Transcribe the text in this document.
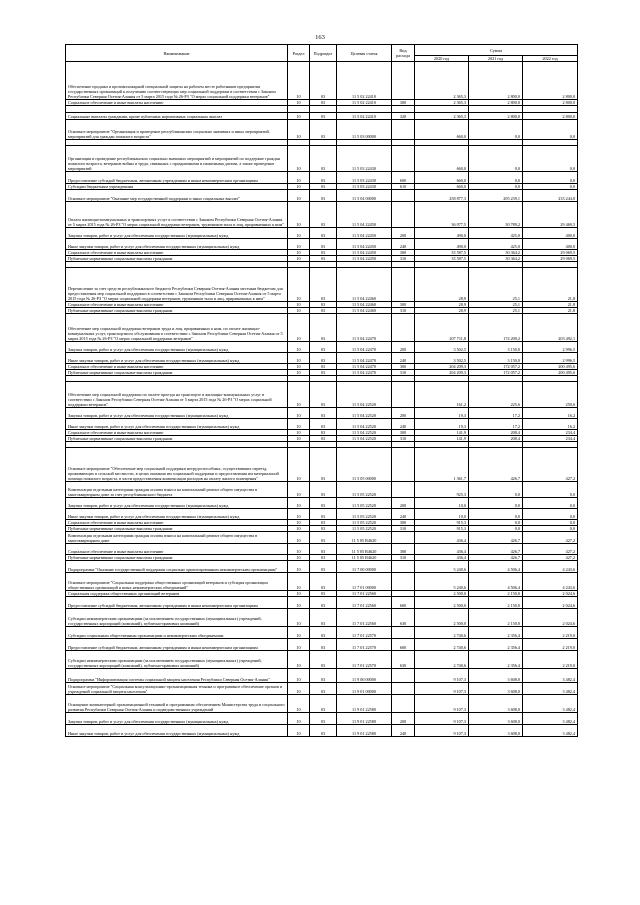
163
Наименование	Раздел	Подраздел	Целевая статья	Вид расхода	Сумма		
					2020 год	2021 год	2022 год
Обеспечение продажи и противопожарной специальной защиты на рабочем месте работников предприятия государственных организаций к получению соответствующих мер социальной поддержки в соответствии с Законом Республики Северная Осетия-Алания от 5 марта 2015 года № 26-РЗ "О мерах социальной поддержки ветеранов"	10	03	11 5 02 22410		2 365,3	2 800,0	2 800,0
Социальное обеспечение и иные выплаты населению	10	03	11 5 02 22410	300	2 365,3	2 800,0	2 800,0

Социальные выплаты гражданам, кроме публичных нормативных социальных выплат	10	03	11 5 02 22410	320	2 365,3	2 800,0	2 800,0
Основное мероприятие "Организация и проведение республиканских социально значимых и иных мероприятий, мероприятий для граждан пожилого возраста"	10	03	11 5 03 00000		660,0	0,0	0,0

Организация и проведение республиканских социально значимых мероприятий и мероприятий по поддержке граждан пожилого возраста, ветеранов войны и труда, связанных с праздничными и памятными датами, а также проведение мероприятий	10	03	11 5 03 22430		660,0	0,0	0,0
Предоставление субсидий бюджетным, автономным учреждениям и иным некоммерческим организациям	10	03	11 5 03 22430	600	660,0	0,0	0,0
Субсидии бюджетным учреждениям	10	03	11 5 03 22430	610	660,0	0,0	0,0
Основное мероприятие "Оказание мер государственной поддержки и иных социальных выплат"	10	03	11 5 04 00000		258 877,3	205 239,1	233 244,0
Оплата жилищно-коммунальных и транспортных услуг в соответствии с Законом Республики Северная Осетия-Алания от 5 марта 2015 года № 26-РЗ "О мерах социальной поддержки ветеранов, тружеников тыла и лиц, приравненных к ним"	10	03	11 5 04 22450		36 077,5	30 789,2	29 469,5
Закупка товаров, работ и услуг для обеспечения государственных (муниципальных) нужд	10	03	11 5 04 22450	200	490,0	425,0	400,0
Иные закупки товаров, работ и услуг для обеспечения государственных (муниципальных) нужд	10	03	11 5 04 22450	240	490,0	425,0	400,0
Социальное обеспечение и иные выплаты населению	10	03	11 5 04 22450	300	35 587,5	30 364,2	29 069,5
Публичные нормативные социальные выплаты гражданам	10	03	11 5 04 22450	310	35 587,5	30 364,2	29 069,5

Перечисление за счет средств республиканского бюджета Республики Северная Осетия-Алания местным бюджетам для предоставления мер социальной поддержки в соответствии с Законом Республики Северная Осетия-Алания от 5 марта 2015 года № 26-РЗ "О мерах социальной поддержки ветеранов, тружеников тыла и лиц, приравненных к ним"	10	03	11 5 04 22460		28,9	25,1	21,8
Социальное обеспечение и иные выплаты населению	10	03	11 5 04 22460	300	28,9	25,1	21,8
Публичные нормативные социальные выплаты гражданам	10	03	11 5 04 22460	310	28,9	25,1	21,8
Обеспечение мер социальной поддержки ветеранов труда и лиц, приравненных к ним, по оплате жилищно-коммунальных услуг, транспортного обслуживания в соответствии с Законом Республики Северная Осетия-Алания от 5 марта 2015 года № 26-РЗ "О мерах социальной поддержки ветеранов"	10	03	11 5 04 22470		207 711,8	174 209,2	203 492,1
Закупка товаров, работ и услуг для обеспечения государственных (муниципальных) нужд	10	03	11 5 04 22470	200	3 502,5	3 150,0	2 996,5
Иные закупки товаров, работ и услуг для обеспечения государственных (муниципальных) нужд	10	03	11 5 04 22470	240	3 502,5	3 150,0	2 996,5
Социальное обеспечение и иные выплаты населению	10	03	11 5 04 22470	300	204 209,3	172 057,2	200 495,6
Публичные нормативные социальные выплаты гражданам	10	03	11 5 04 22470	310	204 209,3	172 057,2	200 495,6

Обеспечение мер социальной поддержки по оплате проезда на транспорте и жилищно-коммунальных услуг в соответствии с Законом Республики Северная Осетия-Алания от 5 марта 2015 года № 26-РЗ "О мерах социальной поддержки ветеранов"	10	03	11 5 04 22520		161,2	225,6	250,6
Закупка товаров, работ и услуг для обеспечения государственных (муниципальных) нужд	10	03	11 5 04 22520	200	19,3	17,2	16,2
Иные закупки товаров, работ и услуг для обеспечения государственных (муниципальных) нужд	10	03	11 5 04 22520	240	19,3	17,2	16,2
Социальное обеспечение и иные выплаты населению	10	03	11 5 04 22520	300	141,9	208,4	234,4
Публичные нормативные социальные выплаты гражданам	10	03	11 5 04 22520	310	141,9	208,4	234,4

Основное мероприятие "Обеспечение мер социальной поддержки нетрудоспособных, осуществивших переезд, проживающих в сельской местности, в целях оказания им социальной поддержки и предоставления им материальной помощи пожилого возраста, в части предоставления компенсации расходов на оплату жилого помещения"	10	03	11 5 05 00000		1 361,7	426,7	427,2
Компенсация отдельным категориям граждан оплаты взноса на капитальный ремонт общего имущества в многоквартирном доме за счет республиканского бюджета	10	03	11 5 05 22520		925,3	0,0	0,0
Закупка товаров, работ и услуг для обеспечения государственных (муниципальных) нужд	10	03	11 5 05 22520	200	10,0	0,0	0,0
Иные закупки товаров, работ и услуг для обеспечения государственных (муниципальных) нужд	10	03	11 5 05 22520	240	10,0	0,0	0,0
Социальное обеспечение и иные выплаты населению	10	03	11 5 05 22520	300	915,3	0,0	0,0
Публичные нормативные социальные выплаты гражданам	10	03	11 5 05 22520	310	915,3	0,0	0,0
Компенсация отдельным категориям граждан оплаты взноса на капитальный ремонт общего имущества в многоквартирном доме	10	03	11 5 05 R4620		436,4	426,7	427,2
Социальное обеспечение и иные выплаты населению	10	03	11 5 05 R4620	300	436,4	426,7	427,2
Публичные нормативные социальные выплаты гражданам	10	03	11 5 05 R4620	310	436,4	426,7	427,2
Подпрограмма "Оказание государственной поддержки социально ориентированным некоммерческим организациям"	10	03	11 7 00 00000		5 240,6	4 506,4	4 243,6
Основное мероприятие "Социальная поддержка общественных организаций ветеранов и субсидия организации общественных организаций и иных некоммерческих объединений"	10	03	11 7 01 00000		5 240,6	4 506,4	4 243,6
Социальная поддержка общественных организаций ветеранов	10	03	11 7 01 22560		2 500,0	2 150,0	2 024,6
Предоставление субсидий бюджетным, автономным учреждениям и иным некоммерческим организациям	10	03	11 7 01 22560	600	2 500,0	2 150,0	2 024,6
Субсидии некоммерческим организациям (за исключением государственных (муниципальных) учреждений, государственных корпораций (компаний), публично-правовых компаний)	10	03	11 7 01 22560	630	2 500,0	2 150,0	2 024,6
Субсидии социальным общественным организациям и некоммерческим объединениям	10	03	11 7 01 22570		2 740,6	2 356,4	2 219,0
Предоставление субсидий бюджетным, автономным учреждениям и иным некоммерческим организациям	10	03	11 7 01 22570	600	2 740,6	2 356,4	2 219,0
Субсидии некоммерческим организациям (за исключением государственных (муниципальных) учреждений, государственных корпораций (компаний), публично-правовых компаний)	10	03	11 7 01 22570	630	2 740,6	2 356,4	2 219,0
Подпрограмма "Информатизация системы социальной защиты населения Республики Северная Осетия-Алания"	10	03	11 9 00 00000		9 107,3	3 608,0	3 482,4
Основное мероприятие "Социальная консультационно-организационная техника и программное обеспечение органов и учреждений социальной защиты населения"	10	03	11 9 01 00000		9 107,3	3 608,0	3 482,4
Оснащение компьютерной организационной техникой и программным обеспечением Министерства труда и социального развития Республики Северная Осетия-Алания и подведомственных учреждений	10	03	11 9 01 22580		9 107,3	3 608,0	3 482,4
Закупка товаров, работ и услуг для обеспечения государственных (муниципальных) нужд	10	03	11 9 01 22580	200	9 107,3	3 608,0	3 482,4
Иные закупки товаров, работ и услуг для обеспечения государственных (муниципальных) нужд	10	03	11 9 01 22580	240	9 107,3	3 608,0	3 482,4
